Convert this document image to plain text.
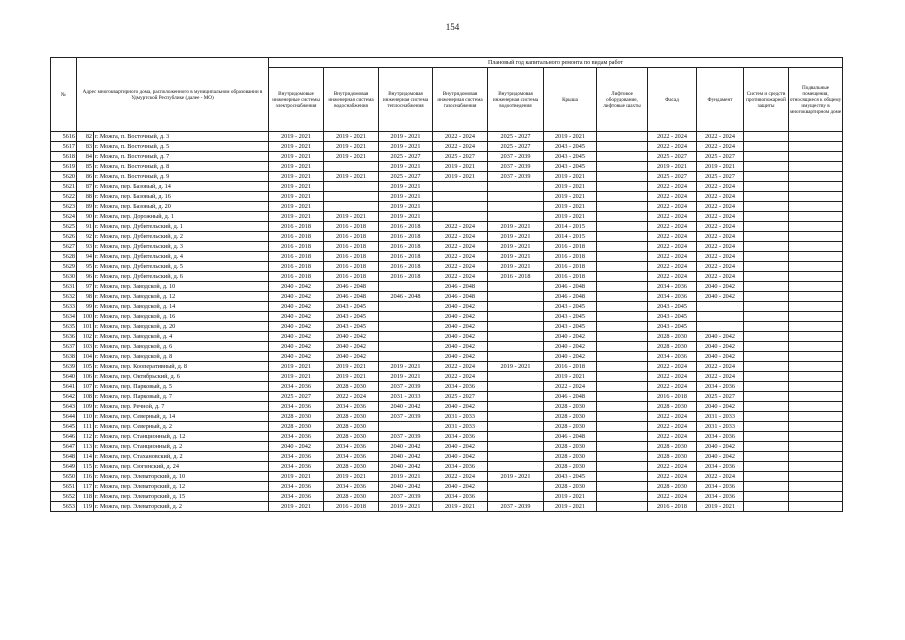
154
№	Адрес многоквартирного дома, расположенного в муниципальном образовании в Удмуртской Республике (далее - МО)		Плановый год капитального ремонта по видам работ										
			Внутридомовые инженерные системы электроснабжения	Внутридомовая инженерная система водоснабжения	Внутридомовая инженерная система теплоснабжения	Внутридомовая инженерная система газоснабжения	Внутридомовая инженерная система водоотведения	Крыша	Лифтовое оборудование, лифтовые шахты	Фасад	Фундамент	Систем и средств противопожарной защиты	Подвальные помещения, относящиеся к общему имуществу в многоквартирном доме
5616	82	г. Можга, п. Восточный, д. 3	2019 - 2021	2019 - 2021	2019 - 2021	2022 - 2024	2025 - 2027	2019 - 2021		2022 - 2024	2022 - 2024		
5617	83	г. Можга, п. Восточный, д. 5	2019 - 2021	2019 - 2021	2019 - 2021	2022 - 2024	2025 - 2027	2043 - 2045		2022 - 2024	2022 - 2024		
5618	84	г. Можга, п. Восточный, д. 7	2019 - 2021	2019 - 2021	2025 - 2027	2025 - 2027	2037 - 2039	2043 - 2045		2025 - 2027	2025 - 2027		
5619	85	г. Можга, п. Восточный, д. 8	2019 - 2021		2019 - 2021	2019 - 2021	2037 - 2039	2043 - 2045		2019 - 2021	2019 - 2021		
5620	86	г. Можга, п. Восточный, д. 9	2019 - 2021	2019 - 2021	2025 - 2027	2019 - 2021	2037 - 2039	2019 - 2021		2025 - 2027	2025 - 2027		
5621	87	г. Можга, пер. Базовый, д. 14	2019 - 2021		2019 - 2021			2019 - 2021		2022 - 2024	2022 - 2024		
5622	88	г. Можга, пер. Базовый, д. 16	2019 - 2021		2019 - 2021			2019 - 2021		2022 - 2024	2022 - 2024		
5623	89	г. Можга, пер. Базовый, д. 20	2019 - 2021		2019 - 2021			2019 - 2021		2022 - 2024	2022 - 2024		
5624	90	г. Можга, пер. Дорожный, д. 1	2019 - 2021	2019 - 2021	2019 - 2021			2019 - 2021		2022 - 2024	2022 - 2024		
5625	91	г. Можга, пер. Дубительский, д. 1	2016 - 2018	2016 - 2018	2016 - 2018	2022 - 2024	2019 - 2021	2014 - 2015		2022 - 2024	2022 - 2024		
5626	92	г. Можга, пер. Дубительский, д. 2	2016 - 2018	2016 - 2018	2016 - 2018	2022 - 2024	2019 - 2021	2014 - 2015		2022 - 2024	2022 - 2024		
5627	93	г. Можга, пер. Дубительский, д. 3	2016 - 2018	2016 - 2018	2016 - 2018	2022 - 2024	2019 - 2021	2016 - 2018		2022 - 2024	2022 - 2024		
5628	94	г. Можга, пер. Дубительский, д. 4	2016 - 2018	2016 - 2018	2016 - 2018	2022 - 2024	2019 - 2021	2016 - 2018		2022 - 2024	2022 - 2024		
5629	95	г. Можга, пер. Дубительский, д. 5	2016 - 2018	2016 - 2018	2016 - 2018	2022 - 2024	2019 - 2021	2016 - 2018		2022 - 2024	2022 - 2024		
5630	96	г. Можга, пер. Дубительский, д. 6	2016 - 2018	2016 - 2018	2016 - 2018	2022 - 2024	2016 - 2018	2016 - 2018		2022 - 2024	2022 - 2024		
5631	97	г. Можга, пер. Заводской, д. 10	2040 - 2042	2046 - 2048		2046 - 2048		2046 - 2048		2034 - 2036	2040 - 2042		
5632	98	г. Можга, пер. Заводской, д. 12	2040 - 2042	2046 - 2048	2046 - 2048	2046 - 2048		2046 - 2048		2034 - 2036	2040 - 2042		
5633	99	г. Можга, пер. Заводской, д. 14	2040 - 2042	2043 - 2045		2040 - 2042		2043 - 2045		2043 - 2045			
5634	100	г. Можга, пер. Заводской, д. 16	2040 - 2042	2043 - 2045		2040 - 2042		2043 - 2045		2043 - 2045			
5635	101	г. Можга, пер. Заводской, д. 20	2040 - 2042	2043 - 2045		2040 - 2042		2043 - 2045		2043 - 2045			
5636	102	г. Можга, пер. Заводской, д. 4	2040 - 2042	2040 - 2042		2040 - 2042		2040 - 2042		2028 - 2030	2040 - 2042		
5637	103	г. Можга, пер. Заводской, д. 6	2040 - 2042	2040 - 2042		2040 - 2042		2040 - 2042		2028 - 2030	2040 - 2042		
5638	104	г. Можга, пер. Заводской, д. 8	2040 - 2042	2040 - 2042		2040 - 2042		2040 - 2042		2034 - 2036	2040 - 2042		
5639	105	г. Можга, пер. Кооперативный, д. 8	2019 - 2021	2019 - 2021	2019 - 2021	2022 - 2024	2019 - 2021	2016 - 2018		2022 - 2024	2022 - 2024		
5640	106	г. Можга, пер. Октябрьский, д. 6	2019 - 2021	2019 - 2021	2019 - 2021	2022 - 2024		2019 - 2021		2022 - 2024	2022 - 2024		
5641	107	г. Можга, пер. Парковый, д. 5	2034 - 2036	2028 - 2030	2037 - 2039	2034 - 2036		2022 - 2024		2022 - 2024	2034 - 2036		
5642	108	г. Можга, пер. Парковый, д. 7	2025 - 2027	2022 - 2024	2031 - 2033	2025 - 2027		2046 - 2048		2016 - 2018	2025 - 2027		
5643	109	г. Можга, пер. Речной, д. 7	2034 - 2036	2034 - 2036	2040 - 2042	2040 - 2042		2028 - 2030		2028 - 2030	2040 - 2042		
5644	110	г. Можга, пер. Северный, д. 14	2028 - 2030	2028 - 2030	2037 - 2039	2031 - 2033		2028 - 2030		2022 - 2024	2031 - 2033		
5645	111	г. Можга, пер. Северный, д. 2	2028 - 2030	2028 - 2030		2031 - 2033		2028 - 2030		2022 - 2024	2031 - 2033		
5646	112	г. Можга, пер. Станционный, д. 12	2034 - 2036	2028 - 2030	2037 - 2039	2034 - 2036		2046 - 2048		2022 - 2024	2034 - 2036		
5647	113	г. Можга, пер. Станционный, д. 2	2040 - 2042	2034 - 2036	2040 - 2042	2040 - 2042		2028 - 2030		2028 - 2030	2040 - 2042		
5648	114	г. Можга, пер. Стахановский, д. 2	2034 - 2036	2034 - 2036	2040 - 2042	2040 - 2042		2028 - 2030		2028 - 2030	2040 - 2042		
5649	115	г. Можга, пер. Сюгинский, д. 24	2034 - 2036	2028 - 2030	2040 - 2042	2034 - 2036		2028 - 2030		2022 - 2024	2034 - 2036		
5650	116	г. Можга, пер. Элеваторский, д. 10	2019 - 2021	2019 - 2021	2019 - 2021	2022 - 2024	2019 - 2021	2043 - 2045		2022 - 2024	2022 - 2024		
5651	117	г. Можга, пер. Элеваторский, д. 12	2034 - 2036	2034 - 2036	2040 - 2042	2040 - 2042		2028 - 2030		2028 - 2030	2034 - 2036		
5652	118	г. Можга, пер. Элеваторский, д. 15	2034 - 2036	2028 - 2030	2037 - 2039	2034 - 2036		2019 - 2021		2022 - 2024	2034 - 2036		
5653	119	г. Можга, пер. Элеваторский, д. 2	2019 - 2021	2016 - 2018	2019 - 2021	2019 - 2021	2037 - 2039	2019 - 2021		2016 - 2018	2019 - 2021		
